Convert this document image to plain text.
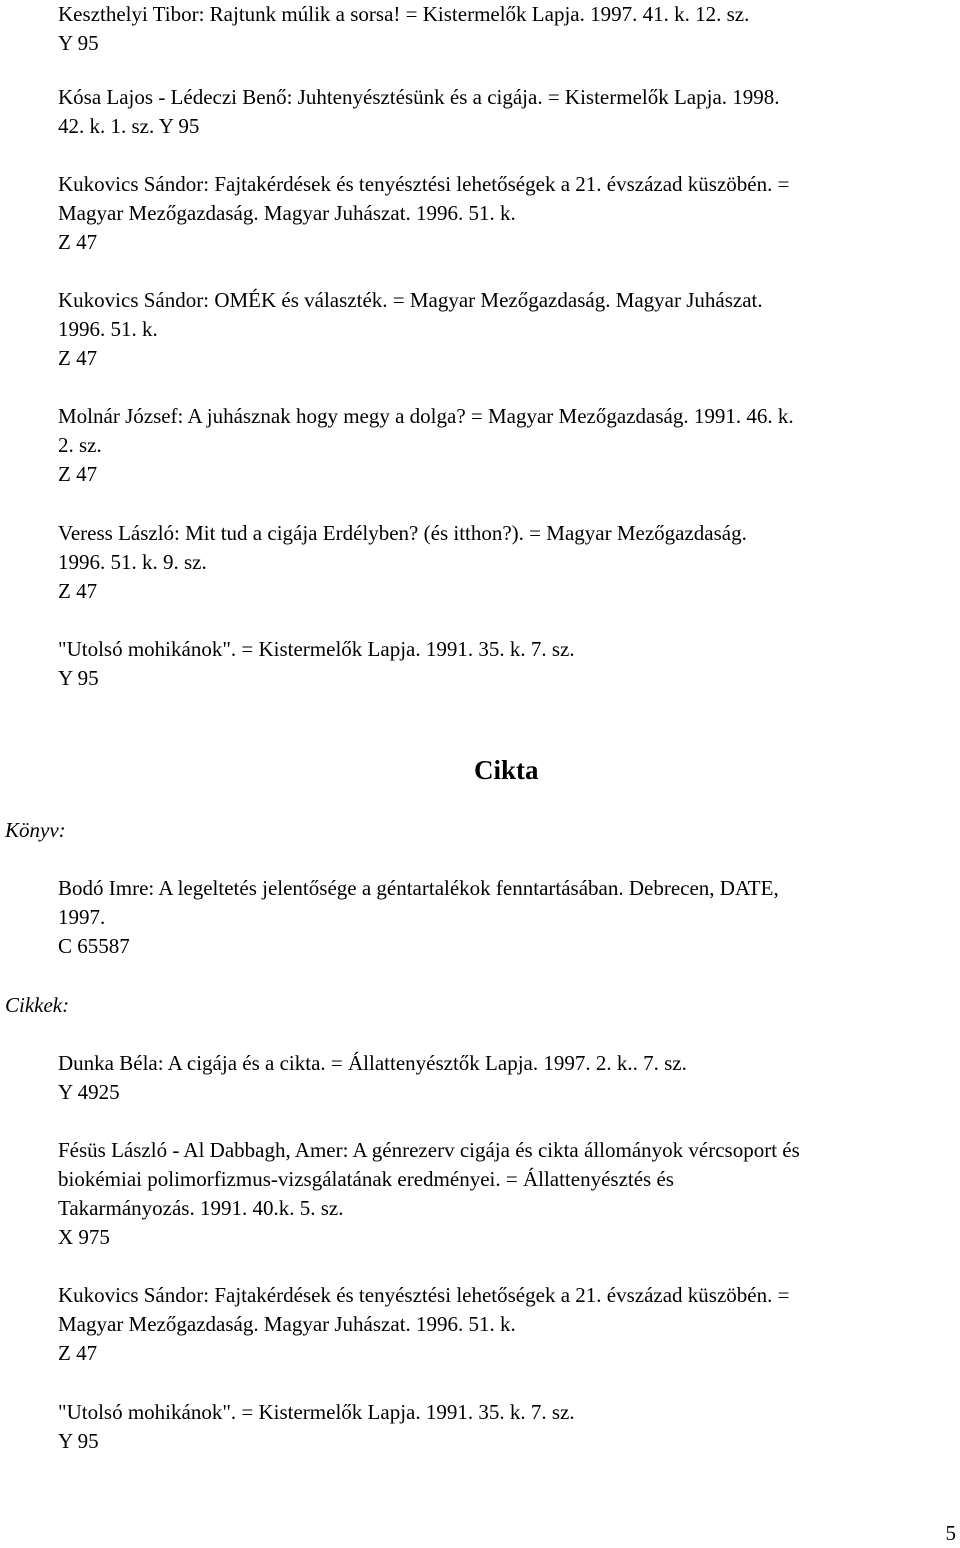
Keszthelyi Tibor: Rajtunk múlik a sorsa! = Kistermelők Lapja. 1997. 41. k. 12. sz.

Y 95

Kósa Lajos - Lédeczi Benő: Juhtenyésztésünk és a cigája. = Kistermelők Lapja. 1998.

42. k. 1. sz. Y 95

Kukovics Sándor: Fajtakérdések és tenyésztési lehetőségek a 21. évszázad küszöbén. =

Magyar Mezőgazdaság. Magyar Juhászat. 1996. 51. k.

Z 47

Kukovics Sándor: OMÉK és választék. = Magyar Mezőgazdaság. Magyar Juhászat.

1996. 51. k.

Z 47

Molnár József: A juhásznak hogy megy a dolga? = Magyar Mezőgazdaság. 1991. 46. k.

2. sz.

Z 47

Veress László: Mit tud a cigája Erdélyben? (és itthon?). = Magyar Mezőgazdaság.

1996. 51. k. 9. sz.

Z 47

"Utolsó mohikánok". = Kistermelők Lapja. 1991. 35. k. 7. sz.

Y 95

Cikta
Könyv:
Cikkek:

Bodó Imre: A legeltetés jelentősége a géntartalékok fenntartásában. Debrecen, DATE,

1997.

C 65587

Dunka Béla: A cigája és a cikta. = Állattenyésztők Lapja. 1997. 2. k.. 7. sz.

Y 4925

Fésüs László - Al Dabbagh, Amer: A génrezerv cigája és cikta állományok vércsoport és

biokémiai polimorfizmus-vizsgálatának eredményei. = Állattenyésztés és

Takarmányozás. 1991. 40.k. 5. sz.

X 975

Kukovics Sándor: Fajtakérdések és tenyésztési lehetőségek a 21. évszázad küszöbén. =

Magyar Mezőgazdaság. Magyar Juhászat. 1996. 51. k.

Z 47

"Utolsó mohikánok". = Kistermelők Lapja. 1991. 35. k. 7. sz.

Y 95

5
